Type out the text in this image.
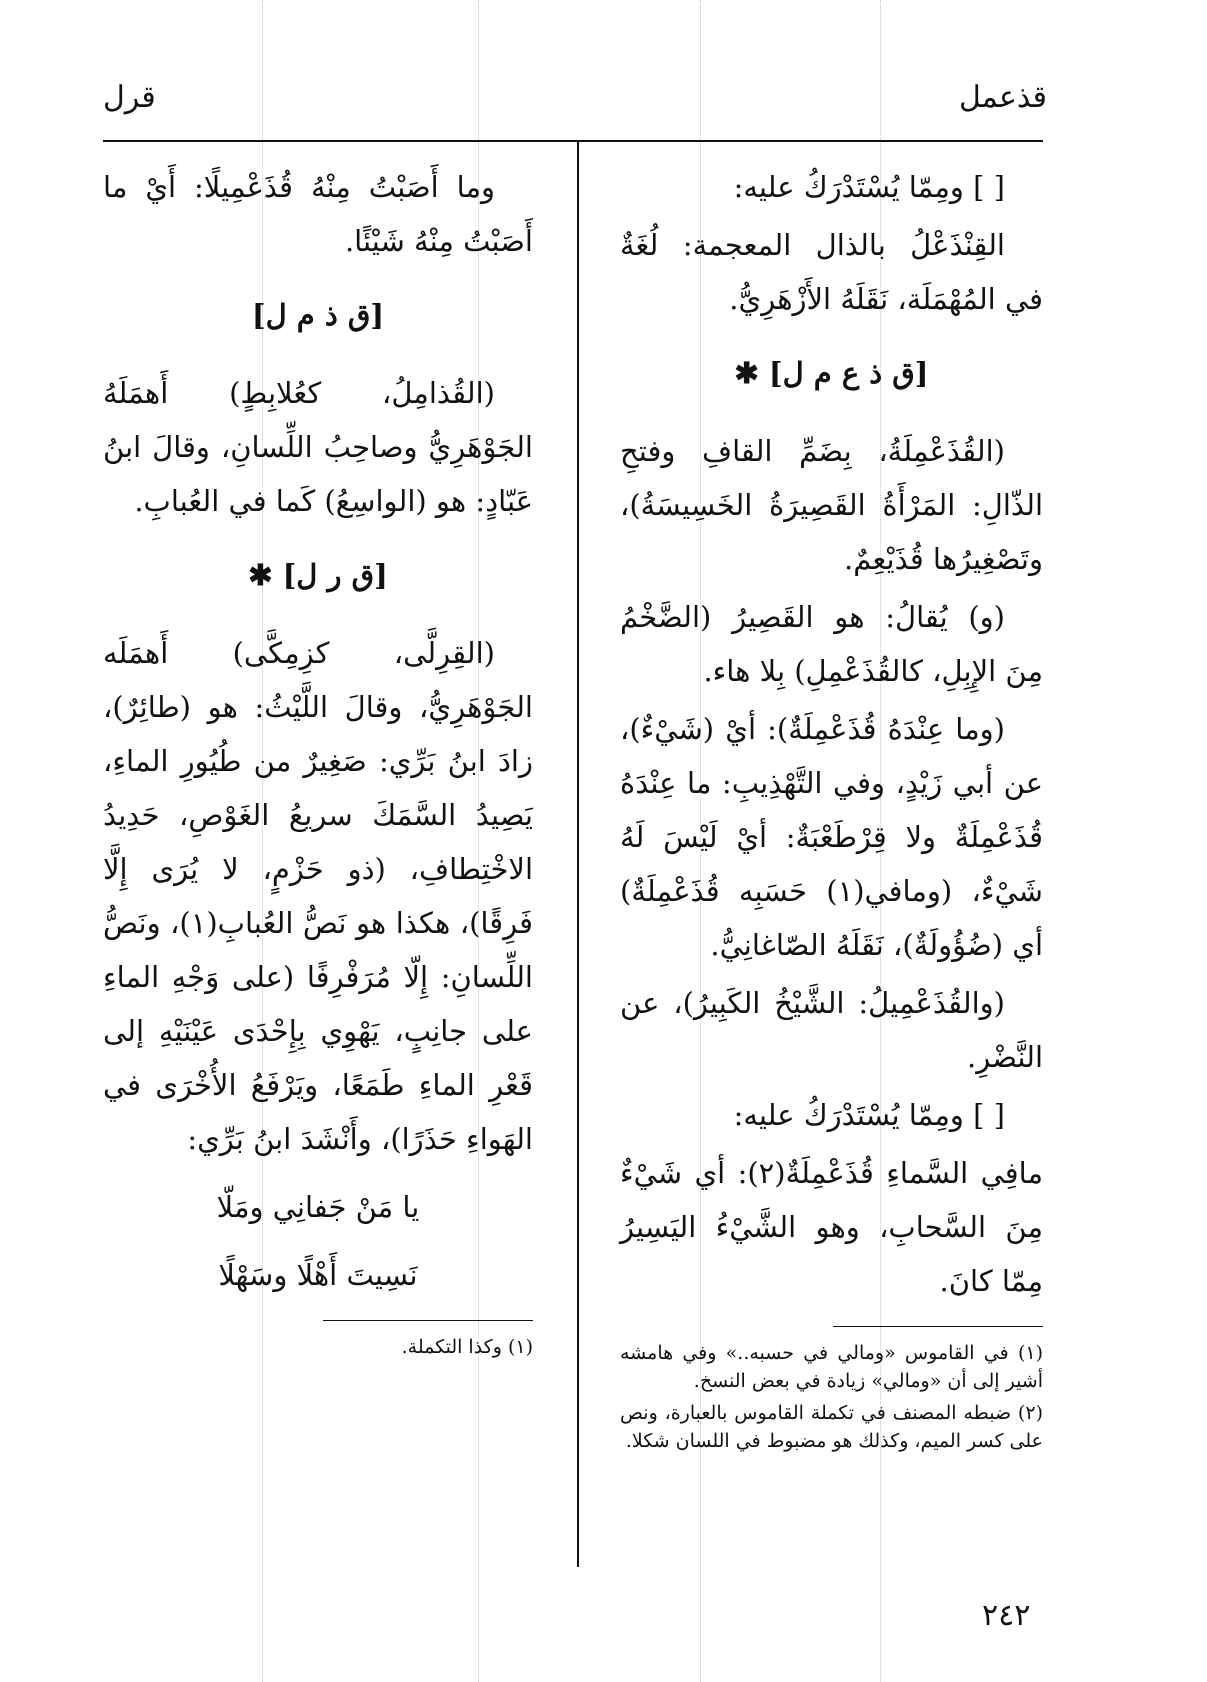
قذعمل
قرل

[ ] ومِمّا يُسْتَدْرَكُ عليه:

القِنْذَعْلُ بالذال المعجمة: لُغَةٌ في المُهْمَلَة، نَقَلَهُ الأَزْهَرِيُّ.

[ق ذ ع م ل] ✱

(القُذَعْمِلَةُ، بِضَمِّ القافِ وفتحِ الذّالِ: المَرْأَةُ القَصِيرَةُ الخَسِيسَةُ)، وتَصْغِيرُها قُذَيْعِمٌ.

(و) يُقالُ: هو القَصِيرُ (الضَّخْمُ مِنَ الإِبِلِ، كالقُذَعْمِلِ) بِلا هاء.

(وما عِنْدَهُ قُذَعْمِلَةٌ): أيْ (شَيْءٌ)، عن أبي زَيْدٍ، وفي التَّهْذِيبِ: ما عِنْدَهُ قُذَعْمِلَةٌ ولا قِرْطَعْبَةٌ: أيْ لَيْسَ لَهُ شَيْءٌ، (ومافي(١) حَسَبِه قُذَعْمِلَةٌ) أي (ضُؤُولَةٌ)، نَقَلَهُ الصّاغانِيُّ.

(والقُذَعْمِيلُ: الشَّيْخُ الكَبِيرُ)، عن النَّضْرِ.

[ ] ومِمّا يُسْتَدْرَكُ عليه:

مافِي السَّماءِ قُذَعْمِلَةٌ(٢): أي شَيْءٌ مِنَ السَّحابِ، وهو الشَّيْءُ اليَسِيرُ مِمّا كانَ.

(١) في القاموس «ومالي في حسبه..» وفي هامشه أشير إلى أن «ومالي» زيادة في بعض النسخ.

(٢) ضبطه المصنف في تكملة القاموس بالعبارة، ونص على كسر الميم، وكذلك هو مضبوط في اللسان شكلا.

وما أَصَبْتُ مِنْهُ قُذَعْمِيلًا: أَيْ ما أَصَبْتُ مِنْهُ شَيْئًا.

[ق ذ م ل]

(القُذامِلُ، كعُلابِطٍ) أَهمَلَهُ الجَوْهَرِيُّ وصاحِبُ اللِّسانِ، وقالَ ابنُ عَبّادٍ: هو (الواسِعُ) كَما في العُبابِ.

[ق ر ل] ✱

(القِرِلَّى، كزِمِكَّى) أَهمَلَه الجَوْهَرِيُّ، وقالَ اللَّيْثُ: هو (طائِرٌ)، زادَ ابنُ بَرِّي: صَغِيرٌ من طُيُورِ الماءِ، يَصِيدُ السَّمَكَ سريعُ الغَوْصِ، حَدِيدُ الاخْتِطافِ، (ذو حَزْمٍ، لا يُرَى إِلَّا فَرِقًا)، هكذا هو نَصُّ العُبابِ(١)، ونَصُّ اللِّسانِ: إِلّا مُرَفْرِفًا (على وَجْهِ الماءِ على جانِبٍ، يَهْوِي بِإِحْدَى عَيْنَيْهِ إلى قَعْرِ الماءِ طَمَعًا، ويَرْفَعُ الأُخْرَى في الهَواءِ حَذَرًا)، وأَنْشَدَ ابنُ بَرِّي:

يا مَنْ جَفانِي ومَلّا

نَسِيتَ أَهْلًا وسَهْلًا

(١) وكذا التكملة.

٢٤٢
